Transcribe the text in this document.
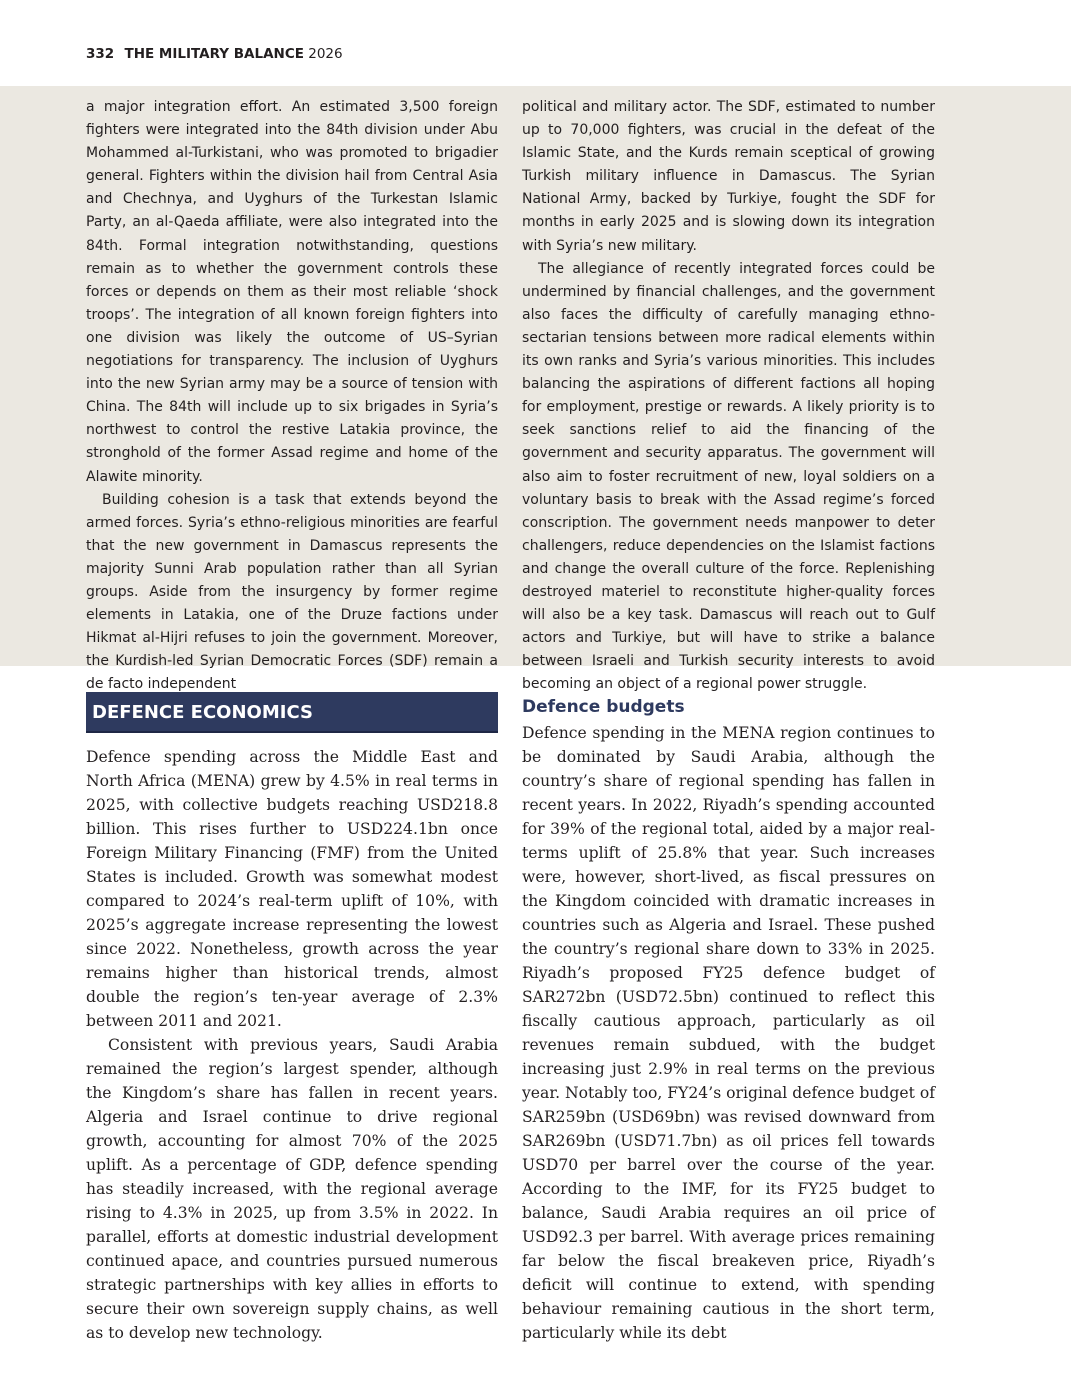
332 THE MILITARY BALANCE 2026

a major integration effort. An estimated 3,500 foreign fighters were integrated into the 84th division under Abu Mohammed al-Turkistani, who was promoted to brigadier general. Fighters within the division hail from Central Asia and Chechnya, and Uyghurs of the Turkestan Islamic Party, an al-Qaeda affiliate, were also integrated into the 84th. Formal integration notwithstanding, questions remain as to whether the government controls these forces or depends on them as their most reliable ‘shock troops’. The integration of all known foreign fighters into one division was likely the outcome of US–Syrian negotiations for transparency. The inclusion of Uyghurs into the new Syrian army may be a source of tension with China. The 84th will include up to six brigades in Syria’s northwest to control the restive Latakia province, the stronghold of the former Assad regime and home of the Alawite minority.

Building cohesion is a task that extends beyond the armed forces. Syria’s ethno-religious minorities are fearful that the new government in Damascus represents the majority Sunni Arab population rather than all Syrian groups. Aside from the insurgency by former regime elements in Latakia, one of the Druze factions under Hikmat al-Hijri refuses to join the government. Moreover, the Kurdish-led Syrian Democratic Forces (SDF) remain a de facto independent

political and military actor. The SDF, estimated to number up to 70,000 fighters, was crucial in the defeat of the Islamic State, and the Kurds remain sceptical of growing Turkish military influence in Damascus. The Syrian National Army, backed by Turkiye, fought the SDF for months in early 2025 and is slowing down its integration with Syria’s new military.

The allegiance of recently integrated forces could be undermined by financial challenges, and the government also faces the difficulty of carefully managing ethno-sectarian tensions between more radical elements within its own ranks and Syria’s various minorities. This includes balancing the aspirations of different factions all hoping for employment, prestige or rewards. A likely priority is to seek sanctions relief to aid the financing of the government and security apparatus. The government will also aim to foster recruitment of new, loyal soldiers on a voluntary basis to break with the Assad regime’s forced conscription. The government needs manpower to deter challengers, reduce dependencies on the Islamist factions and change the overall culture of the force. Replenishing destroyed materiel to reconstitute higher-quality forces will also be a key task. Damascus will reach out to Gulf actors and Turkiye, but will have to strike a balance between Israeli and Turkish security interests to avoid becoming an object of a regional power struggle.

DEFENCE ECONOMICS	Defence budgets

Defence spending across the Middle East and North Africa (MENA) grew by 4.5% in real terms in 2025, with collective budgets reaching USD218.8 billion. This rises further to USD224.1bn once Foreign Military Financing (FMF) from the United States is included. Growth was somewhat modest compared to 2024’s real-term uplift of 10%, with 2025’s aggregate increase representing the lowest since 2022. Nonetheless, growth across the year remains higher than historical trends, almost double the region’s ten-year average of 2.3% between 2011 and 2021.

Consistent with previous years, Saudi Arabia remained the region’s largest spender, although the Kingdom’s share has fallen in recent years. Algeria and Israel continue to drive regional growth, accounting for almost 70% of the 2025 uplift. As a percentage of GDP, defence spending has steadily increased, with the regional average rising to 4.3% in 2025, up from 3.5% in 2022. In parallel, efforts at domestic industrial development continued apace, and countries pursued numerous strategic partnerships with key allies in efforts to secure their own sovereign supply chains, as well as to develop new technology.

Defence spending in the MENA region continues to be dominated by Saudi Arabia, although the country’s share of regional spending has fallen in recent years. In 2022, Riyadh’s spending accounted for 39% of the regional total, aided by a major real-terms uplift of 25.8% that year. Such increases were, however, short-lived, as fiscal pressures on the Kingdom coincided with dramatic increases in countries such as Algeria and Israel. These pushed the country’s regional share down to 33% in 2025. Riyadh’s proposed FY25 defence budget of SAR272bn (USD72.5bn) continued to reflect this fiscally cautious approach, particularly as oil revenues remain subdued, with the budget increasing just 2.9% in real terms on the previous year. Notably too, FY24’s original defence budget of SAR259bn (USD69bn) was revised downward from SAR269bn (USD71.7bn) as oil prices fell towards USD70 per barrel over the course of the year. According to the IMF, for its FY25 budget to balance, Saudi Arabia requires an oil price of USD92.3 per barrel. With average prices remaining far below the fiscal breakeven price, Riyadh’s deficit will continue to extend, with spending behaviour remaining cautious in the short term, particularly while its debt
